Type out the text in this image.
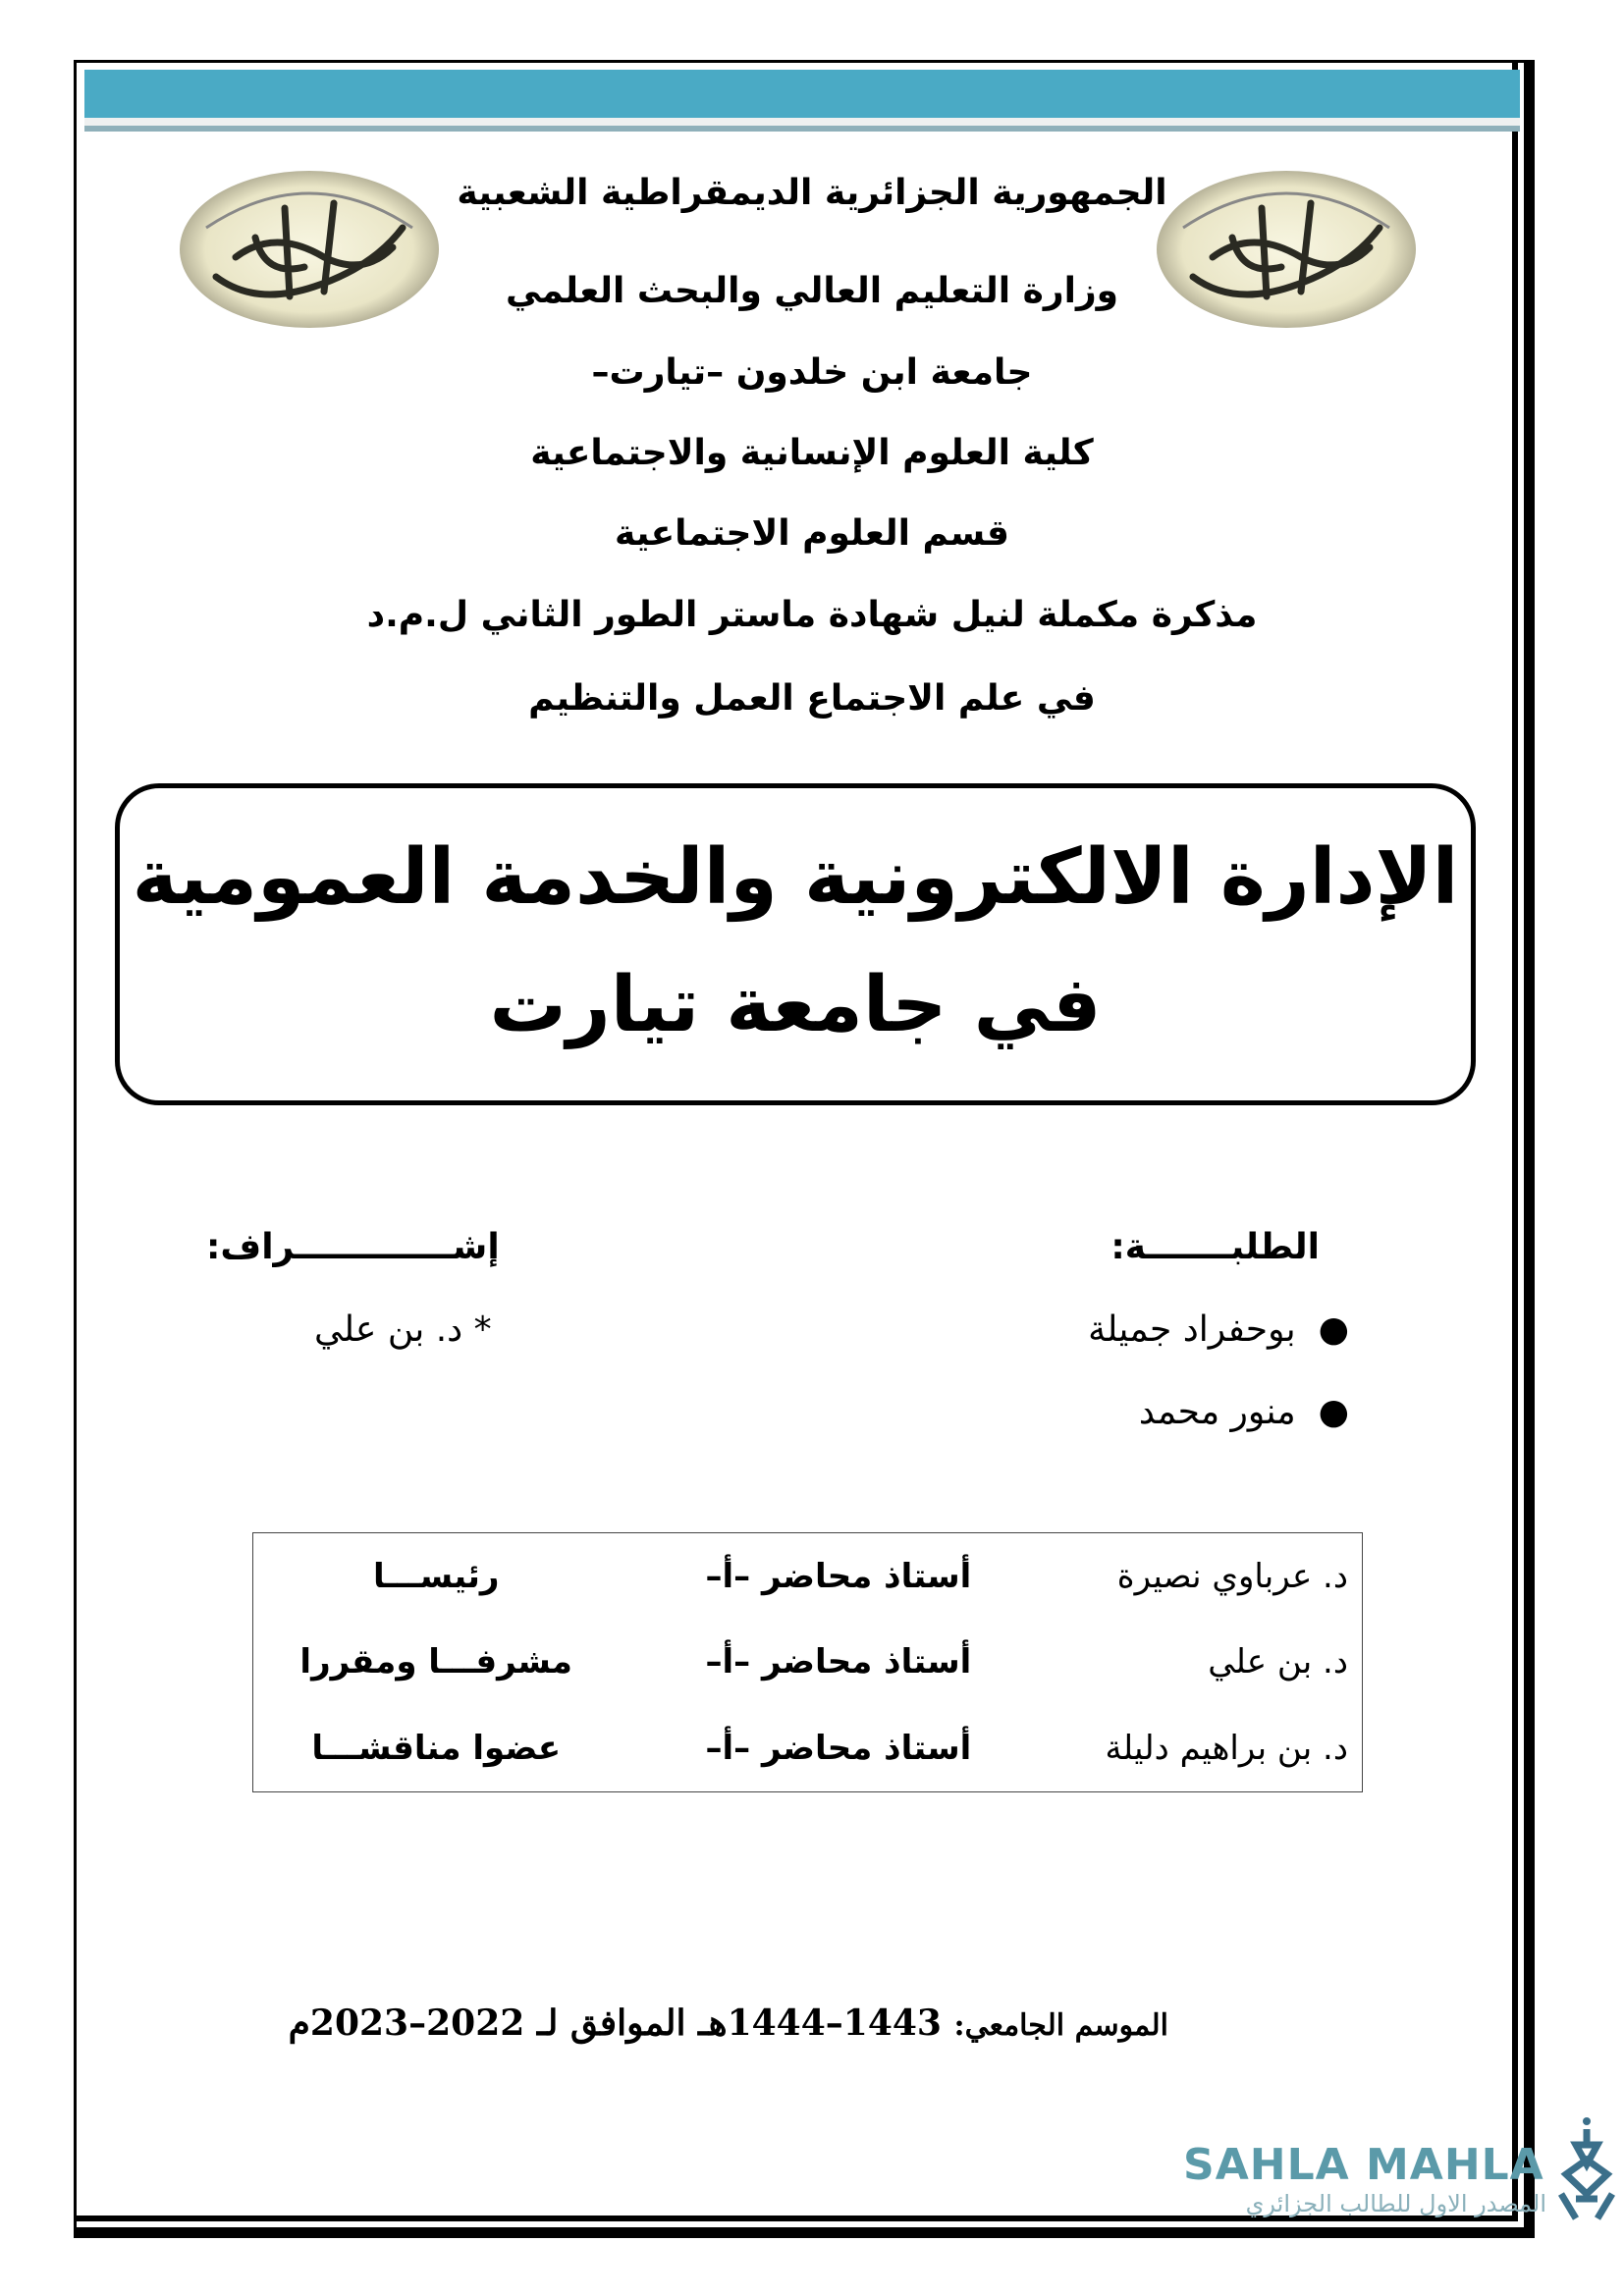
الجمهورية الجزائرية الديمقراطية الشعبية
وزارة التعليم العالي والبحث العلمي
جامعة ابن خلدون –تيارت–
كلية العلوم الإنسانية والاجتماعية
قسم العلوم الاجتماعية
مذكرة مكملة لنيل شهادة ماستر الطور الثاني ل.م.د
في علم الاجتماع العمل والتنظيم
الإدارة الالكترونية والخدمة العمومية
في جامعة تيارت
الطلبـــــــة:
●  بوحفراد جميلة
●  منور محمد
إشـــــــــــــراف:
* د. بن علي
د. عرباوي نصيرة	أستاذ محاضر –أ–	رئيســـا
د. بن علي	أستاذ محاضر –أ–	مشرفـــا ومقررا
د. بن براهيم دليلة	أستاذ محاضر –أ–	عضوا مناقشـــا
الموسم الجامعي: 1443–1444هـ الموافق لـ 2022–2023م
SAHLA MAHLA
المصدر الاول للطالب الجزائري
